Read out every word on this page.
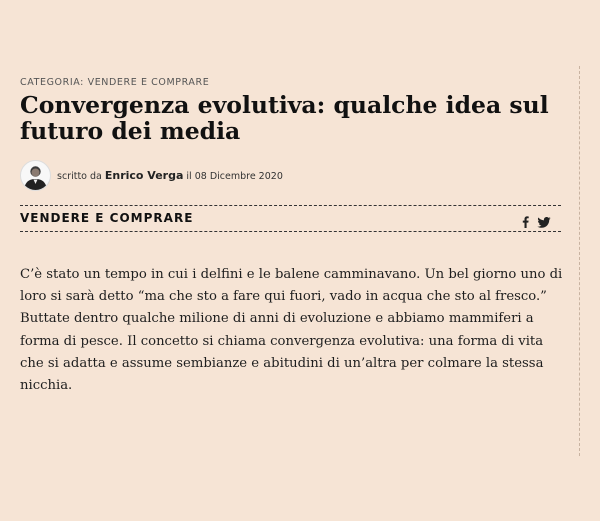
CATEGORIA: VENDERE E COMPRARE

Convergenza evolutiva: qualche idea sul futuro dei media
scritto da Enrico Verga il 08 Dicembre 2020
VENDERE E COMPRARE

C’è stato un tempo in cui i delfini e le balene camminavano. Un bel giorno uno di loro si sarà detto “ma che sto a fare qui fuori, vado in acqua che sto al fresco.” Buttate dentro qualche milione di anni di evoluzione e abbiamo mammiferi a forma di pesce. Il concetto si chiama convergenza evolutiva: una forma di vita che si adatta e assume sembianze e abitudini di un’altra per colmare la stessa nicchia.
